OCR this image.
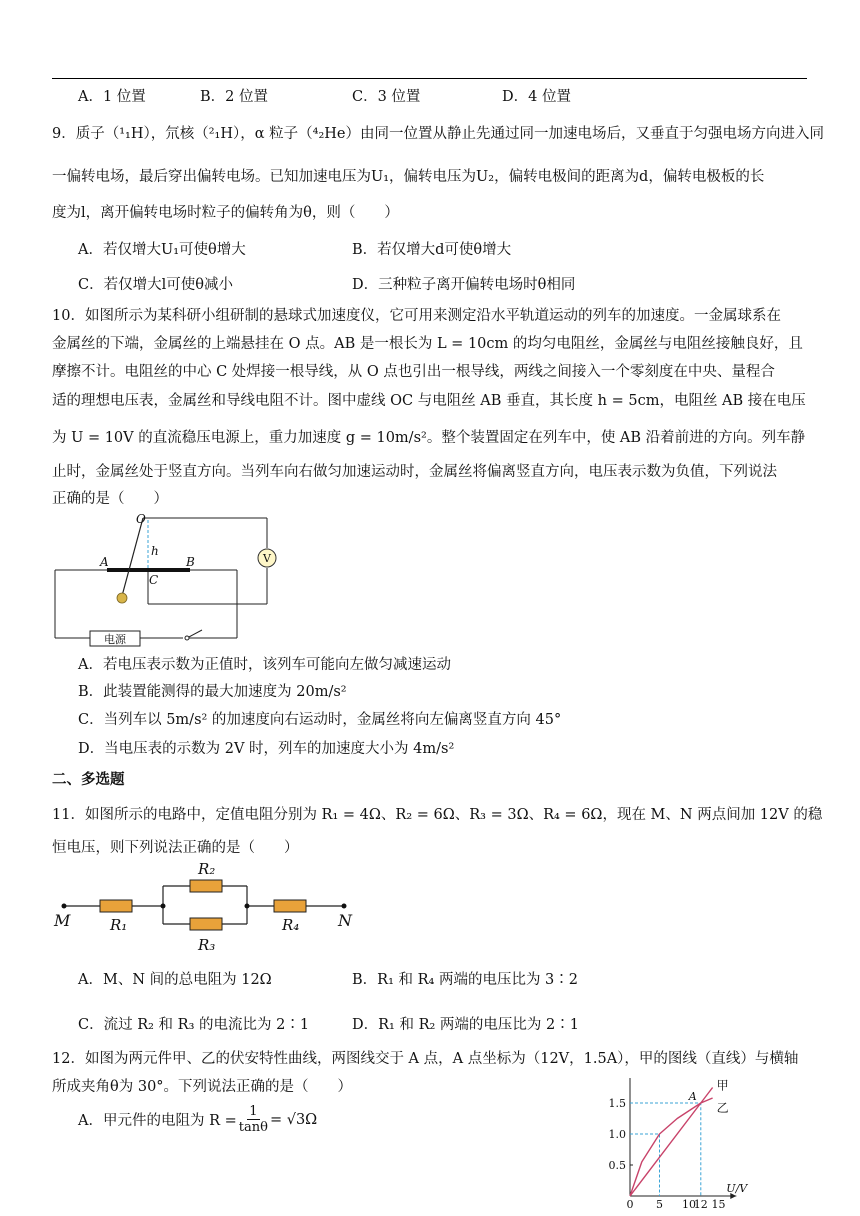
A．1 位置	B．2 位置	C．3 位置	D．4 位置
9．质子（¹₁H），氘核（²₁H），α 粒子（⁴₂He）由同一位置从静止先通过同一加速电场后，又垂直于匀强电场方向进入同
一偏转电场，最后穿出偏转电场。已知加速电压为U₁，偏转电压为U₂，偏转电极间的距离为d，偏转电极板的长
度为l，离开偏转电场时粒子的偏转角为θ，则（　　）
A．若仅增大U₁可使θ增大	B．若仅增大d可使θ增大
C．若仅增大l可使θ减小	D．三种粒子离开偏转电场时θ相同
10．如图所示为某科研小组研制的悬球式加速度仪，它可用来测定沿水平轨道运动的列车的加速度。一金属球系在
金属丝的下端，金属丝的上端悬挂在 O 点。AB 是一根长为 L = 10cm 的均匀电阻丝，金属丝与电阻丝接触良好，且
摩擦不计。电阻丝的中心 C 处焊接一根导线，从 O 点也引出一根导线，两线之间接入一个零刻度在中央、量程合
适的理想电压表，金属丝和导线电阻不计。图中虚线 OC 与电阻丝 AB 垂直，其长度 h = 5cm，电阻丝 AB 接在电压
为 U = 10V 的直流稳压电源上，重力加速度 g = 10m/s²。整个装置固定在列车中，使 AB 沿着前进的方向。列车静
止时，金属丝处于竖直方向。当列车向右做匀加速运动时，金属丝将偏离竖直方向，电压表示数为负值，下列说法
正确的是（　　）
V
电源
O
h
A	B
C
A．若电压表示数为正值时，该列车可能向左做匀减速运动
B．此装置能测得的最大加速度为 20m/s²
C．当列车以 5m/s² 的加速度向右运动时，金属丝将向左偏离竖直方向 45°
D．当电压表的示数为 2V 时，列车的加速度大小为 4m/s²
二、多选题
11．如图所示的电路中，定值电阻分别为 R₁ = 4Ω、R₂ = 6Ω、R₃ = 3Ω、R₄ = 6Ω，现在 M、N 两点间加 12V 的稳
恒电压，则下列说法正确的是（　　）
M	N
R₁
R₂
R₃
R₄
A．M、N 间的总电阻为 12Ω	B．R₁ 和 R₄ 两端的电压比为 3∶2
C．流过 R₂ 和 R₃ 的电流比为 2∶1	D．R₁ 和 R₂ 两端的电压比为 2∶1
12．如图为两元件甲、乙的伏安特性曲线，两图线交于 A 点，A 点坐标为（12V，1.5A），甲的图线（直线）与横轴
所成夹角θ为 30°。下列说法正确的是（　　）
A．甲元件的电阻为 $R = \frac{1}{\tan\theta} = √3\Omega$
U/V
0 5 10
12 15
0.5
1.0
1.5
甲
乙
A
